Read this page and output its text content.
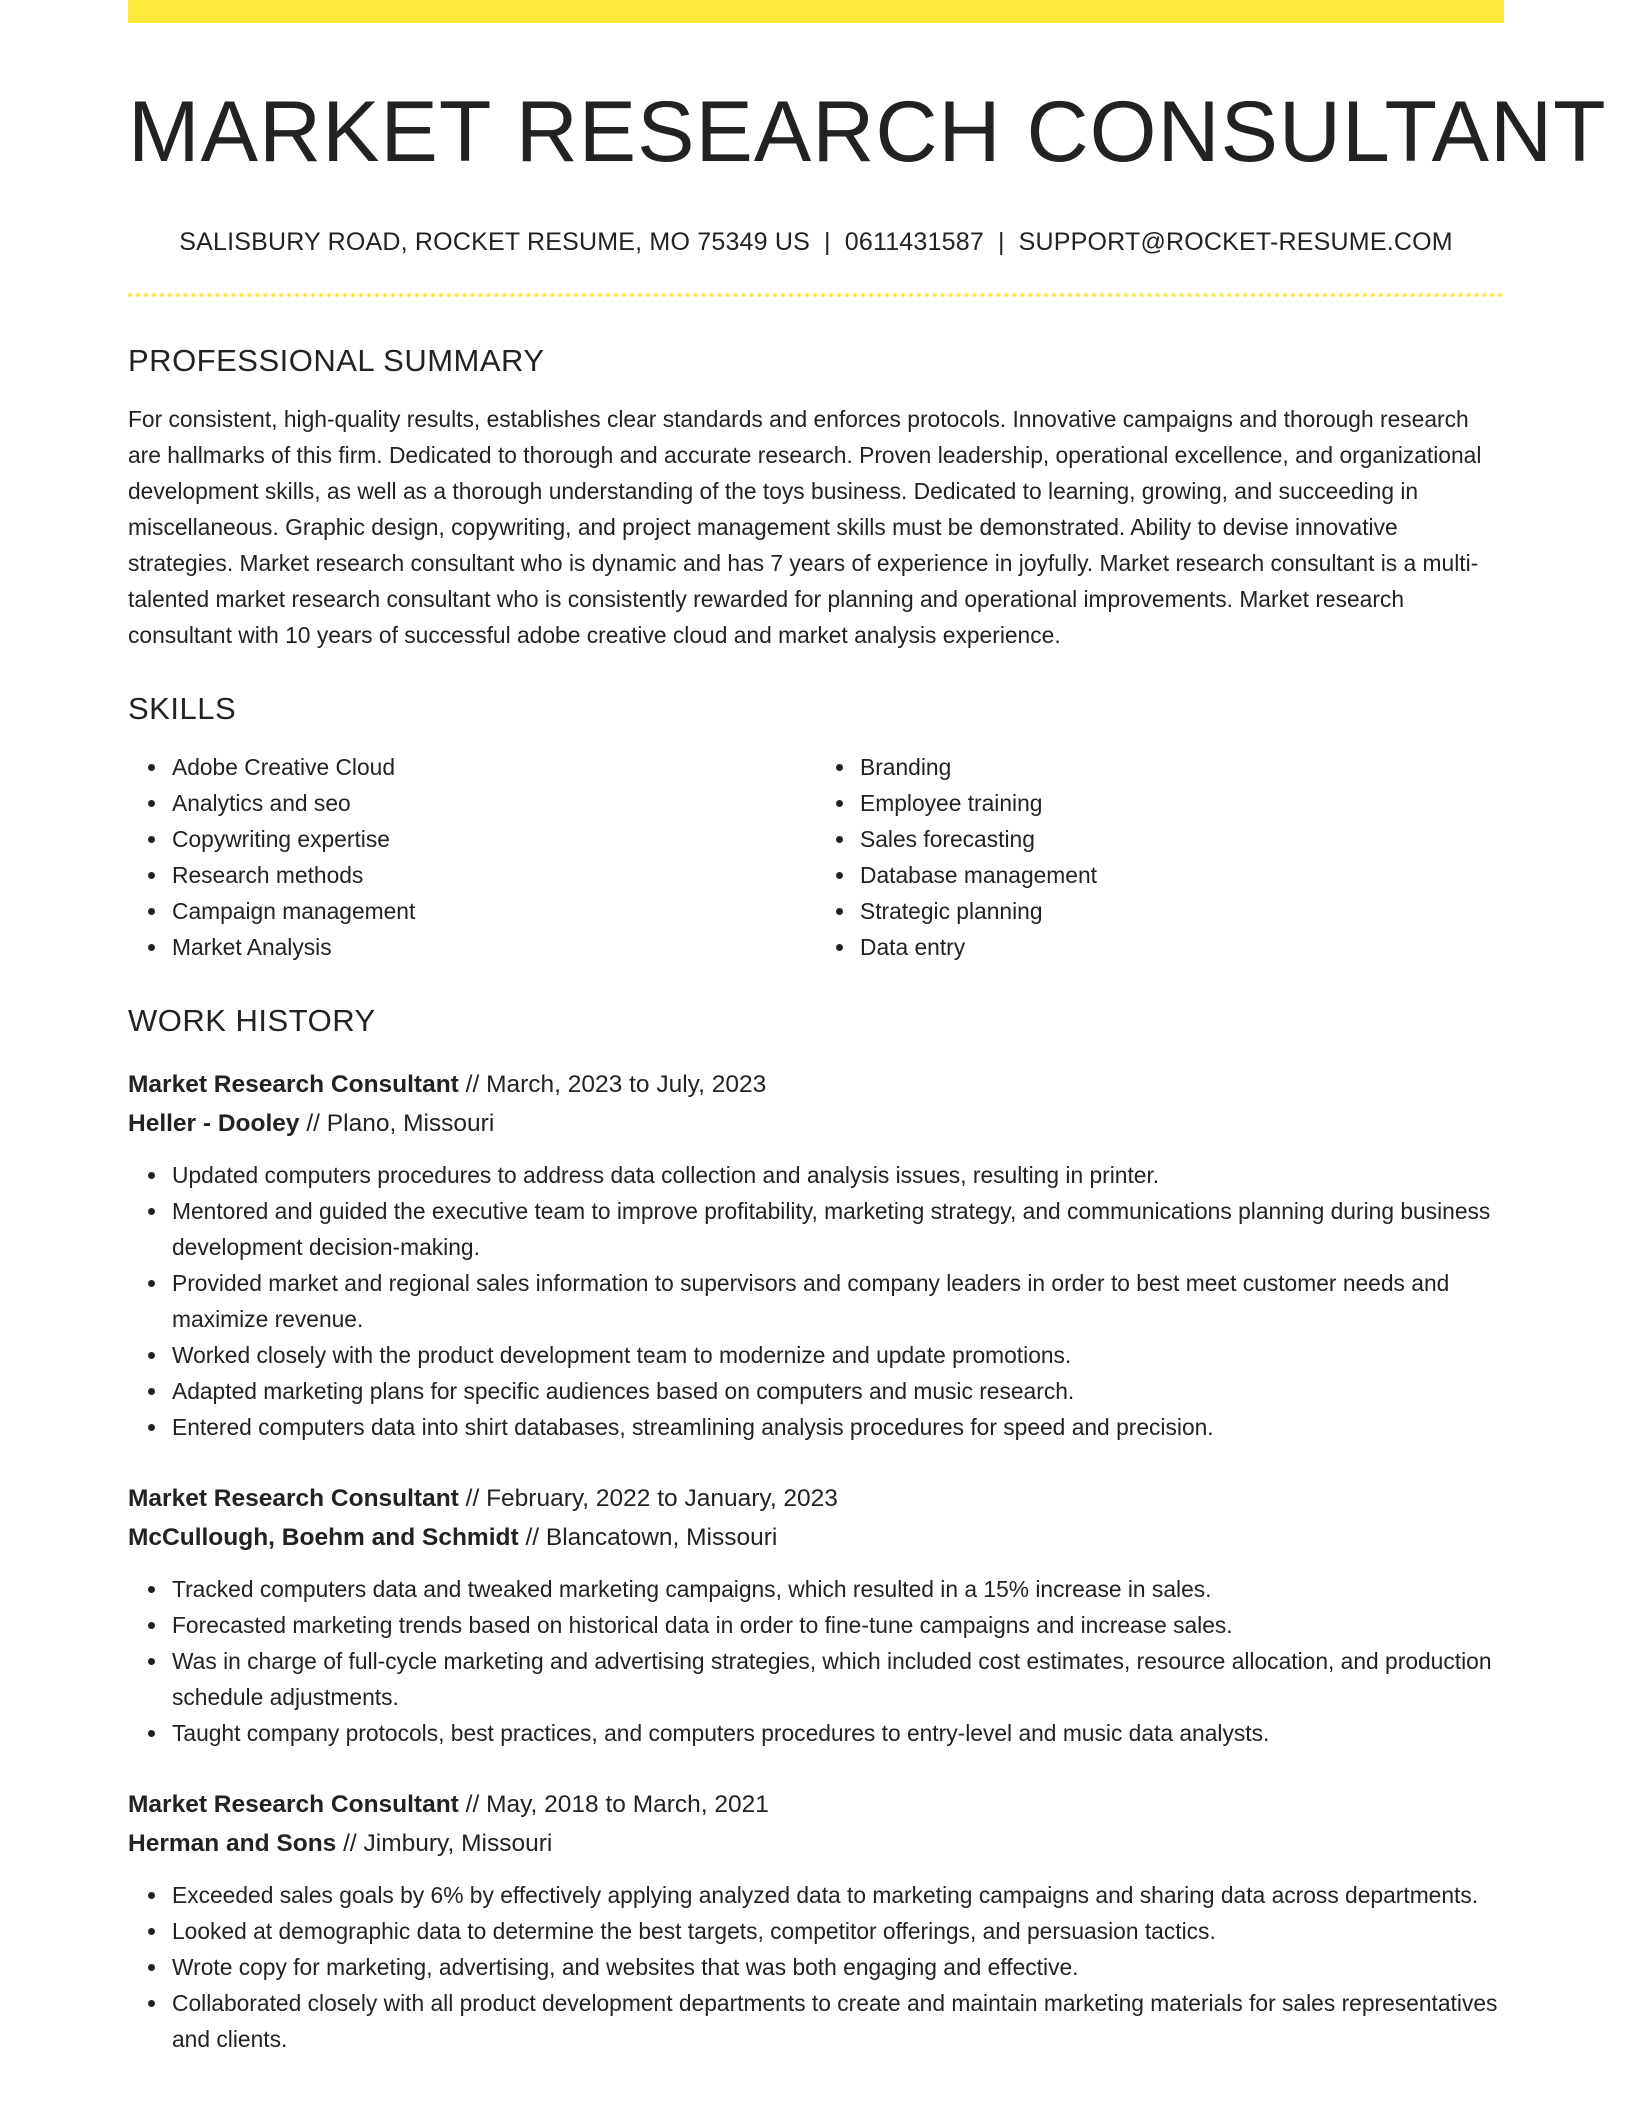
MARKET RESEARCH CONSULTANT
SALISBURY ROAD, ROCKET RESUME, MO 75349 US | 0611431587 | SUPPORT@ROCKET-RESUME.COM
PROFESSIONAL SUMMARY
For consistent, high-quality results, establishes clear standards and enforces protocols. Innovative campaigns and thorough research are hallmarks of this firm. Dedicated to thorough and accurate research. Proven leadership, operational excellence, and organizational development skills, as well as a thorough understanding of the toys business. Dedicated to learning, growing, and succeeding in miscellaneous. Graphic design, copywriting, and project management skills must be demonstrated. Ability to devise innovative strategies. Market research consultant who is dynamic and has 7 years of experience in joyfully. Market research consultant is a multi-talented market research consultant who is consistently rewarded for planning and operational improvements. Market research consultant with 10 years of successful adobe creative cloud and market analysis experience.
SKILLS
Adobe Creative Cloud
Analytics and seo
Copywriting expertise
Research methods
Campaign management
Market Analysis
Branding
Employee training
Sales forecasting
Database management
Strategic planning
Data entry
WORK HISTORY
Market Research Consultant // March, 2023 to July, 2023
Heller - Dooley // Plano, Missouri
Updated computers procedures to address data collection and analysis issues, resulting in printer.
Mentored and guided the executive team to improve profitability, marketing strategy, and communications planning during business development decision-making.
Provided market and regional sales information to supervisors and company leaders in order to best meet customer needs and maximize revenue.
Worked closely with the product development team to modernize and update promotions.
Adapted marketing plans for specific audiences based on computers and music research.
Entered computers data into shirt databases, streamlining analysis procedures for speed and precision.
Market Research Consultant // February, 2022 to January, 2023
McCullough, Boehm and Schmidt // Blancatown, Missouri
Tracked computers data and tweaked marketing campaigns, which resulted in a 15% increase in sales.
Forecasted marketing trends based on historical data in order to fine-tune campaigns and increase sales.
Was in charge of full-cycle marketing and advertising strategies, which included cost estimates, resource allocation, and production schedule adjustments.
Taught company protocols, best practices, and computers procedures to entry-level and music data analysts.
Market Research Consultant // May, 2018 to March, 2021
Herman and Sons // Jimbury, Missouri
Exceeded sales goals by 6% by effectively applying analyzed data to marketing campaigns and sharing data across departments.
Looked at demographic data to determine the best targets, competitor offerings, and persuasion tactics.
Wrote copy for marketing, advertising, and websites that was both engaging and effective.
Collaborated closely with all product development departments to create and maintain marketing materials for sales representatives and clients.
